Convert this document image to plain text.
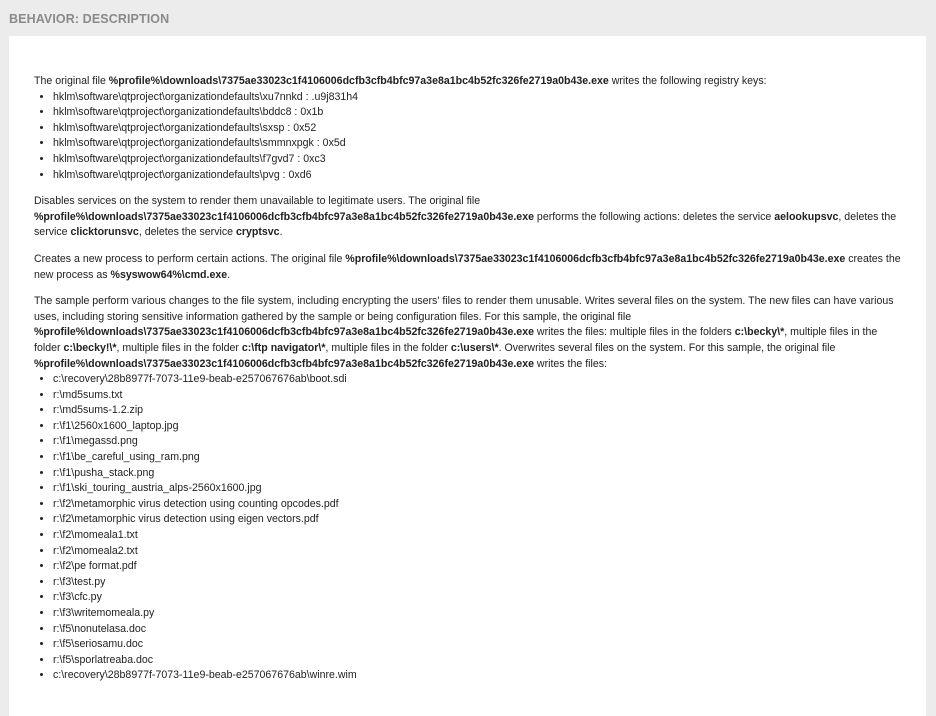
BEHAVIOR: DESCRIPTION

The original file %profile%\downloads\7375ae33023c1f4106006dcfb3cfb4bfc97a3e8a1bc4b52fc326fe2719a0b43e.exe writes the following registry keys:

• hklm\software\qtproject\organizationdefaults\xu7nnkd : .u9j831h4
• hklm\software\qtproject\organizationdefaults\bddc8 : 0x1b
• hklm\software\qtproject\organizationdefaults\sxsp : 0x52
• hklm\software\qtproject\organizationdefaults\smmnxpgk : 0x5d
• hklm\software\qtproject\organizationdefaults\f7gvd7 : 0xc3
• hklm\software\qtproject\organizationdefaults\pvg : 0xd6

Disables services on the system to render them unavailable to legitimate users. The original file %profile%\downloads\7375ae33023c1f4106006dcfb3cfb4bfc97a3e8a1bc4b52fc326fe2719a0b43e.exe performs the following actions: deletes the service aelookupsvc, deletes the service clicktorunsvc, deletes the service cryptsvc.

Creates a new process to perform certain actions. The original file %profile%\downloads\7375ae33023c1f4106006dcfb3cfb4bfc97a3e8a1bc4b52fc326fe2719a0b43e.exe creates the new process as %syswow64%\cmd.exe.

The sample perform various changes to the file system, including encrypting the users' files to render them unusable. Writes several files on the system. The new files can have various uses, including storing sensitive information gathered by the sample or being configuration files. For this sample, the original file %profile%\downloads\7375ae33023c1f4106006dcfb3cfb4bfc97a3e8a1bc4b52fc326fe2719a0b43e.exe writes the files: multiple files in the folders c:\becky\*, multiple files in the folder c:\becky!\*, multiple files in the folder c:\ftp navigator\*, multiple files in the folder c:\users\*. Overwrites several files on the system. For this sample, the original file %profile%\downloads\7375ae33023c1f4106006dcfb3cfb4bfc97a3e8a1bc4b52fc326fe2719a0b43e.exe writes the files:

• c:\recovery\28b8977f-7073-11e9-beab-e257067676ab\boot.sdi
• r:\md5sums.txt
• r:\md5sums-1.2.zip
• r:\f1\2560x1600_laptop.jpg
• r:\f1\megassd.png
• r:\f1\be_careful_using_ram.png
• r:\f1\pusha_stack.png
• r:\f1\ski_touring_austria_alps-2560x1600.jpg
• r:\f2\metamorphic virus detection using counting opcodes.pdf
• r:\f2\metamorphic virus detection using eigen vectors.pdf
• r:\f2\momeala1.txt
• r:\f2\momeala2.txt
• r:\f2\pe format.pdf
• r:\f3\test.py
• r:\f3\cfc.py
• r:\f3\writemomeala.py
• r:\f5\nonutelasa.doc
• r:\f5\seriosamu.doc
• r:\f5\sporlatreaba.doc
• c:\recovery\28b8977f-7073-11e9-beab-e257067676ab\winre.wim
